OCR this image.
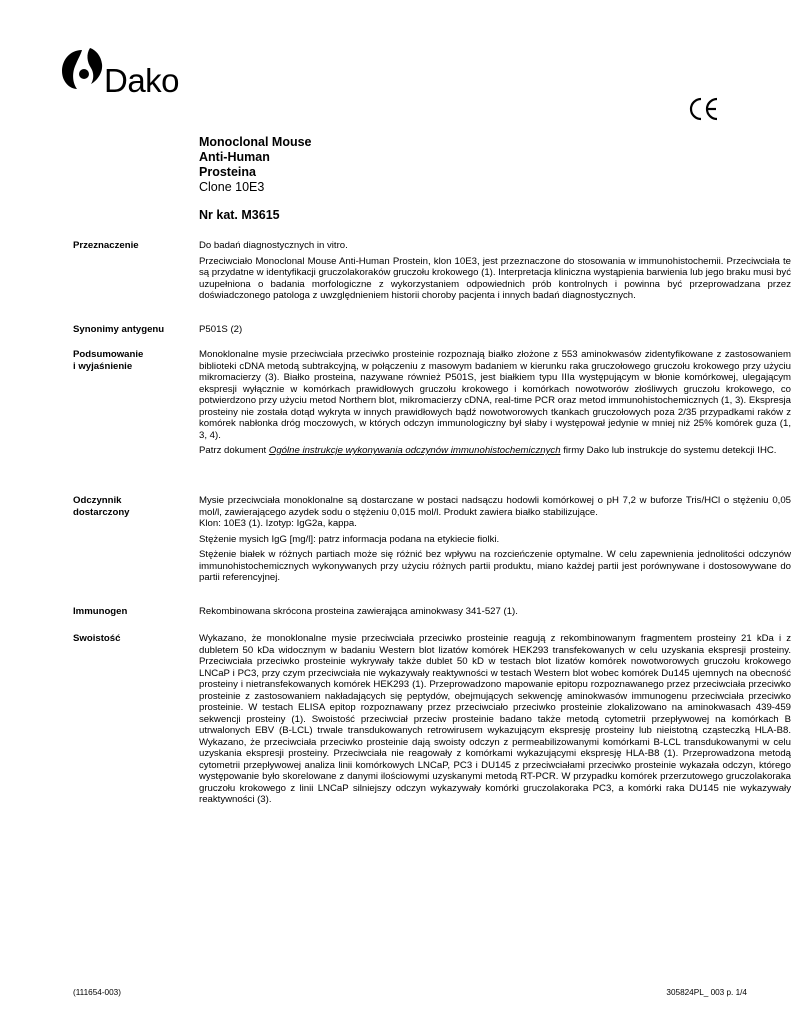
Dako
Monoclonal Mouse
Anti-Human
Prosteina
Clone 10E3
Nr kat. M3615
Przeznaczenie	Do badań diagnostycznych in vitro.

Przeciwciało Monoclonal Mouse Anti-Human Prostein, klon 10E3, jest przeznaczone do stosowania w immunohistochemii. Przeciwciała te są przydatne w identyfikacji gruczolakoraków gruczołu krokowego (1). Interpretacja kliniczna wystąpienia barwienia lub jego braku musi być uzupełniona o badania morfologiczne z wykorzystaniem odpowiednich prób kontrolnych i powinna być przeprowadzana przez doświadczonego patologa z uwzględnieniem historii choroby pacjenta i innych badań diagnostycznych.

Synonimy antygenu	P501S (2)

Podsumowanie
i wyjaśnienie

Monoklonalne mysie przeciwciała przeciwko prosteinie rozpoznają białko złożone z 553 aminokwasów zidentyfikowane z zastosowaniem biblioteki cDNA metodą subtrakcyjną, w połączeniu z masowym badaniem w kierunku raka gruczołowego gruczołu krokowego przy użyciu mikromacierzy (3). Białko prosteina, nazywane również P501S, jest białkiem typu IIIa występującym w błonie komórkowej, ulegającym ekspresji wyłącznie w komórkach prawidłowych gruczołu krokowego i komórkach nowotworów złośliwych gruczołu krokowego, co potwierdzono przy użyciu metod Northern blot, mikromacierzy cDNA, real-time PCR oraz metod immunohistochemicznych (1, 3). Ekspresja prosteiny nie została dotąd wykryta w innych prawidłowych bądź nowotworowych tkankach gruczołowych poza 2/35 przypadkami raków z komórek nabłonka dróg moczowych, w których odczyn immunologiczny był słaby i występował jedynie w mniej niż 25% komórek guza (1, 3, 4).

Patrz dokument Ogólne instrukcje wykonywania odczynów immunohistochemicznych firmy Dako lub instrukcje do systemu detekcji IHC.

Odczynnik
dostarczony

Mysie przeciwciała monoklonalne są dostarczane w postaci nadsączu hodowli komórkowej o pH 7,2 w buforze Tris/HCl o stężeniu 0,05 mol/l, zawierającego azydek sodu o stężeniu 0,015 mol/l. Produkt zawiera białko stabilizujące.

Klon: 10E3 (1). Izotyp: IgG2a, kappa.

Stężenie mysich IgG [mg/l]: patrz informacja podana na etykiecie fiolki.

Stężenie białek w różnych partiach może się różnić bez wpływu na rozcieńczenie optymalne. W celu zapewnienia jednolitości odczynów immunohistochemicznych wykonywanych przy użyciu różnych partii produktu, miano każdej partii jest porównywane i dostosowywane do partii referencyjnej.

Immunogen	Rekombinowana skrócona prosteina zawierająca aminokwasy 341-527 (1).

Swoistość	Wykazano, że monoklonalne mysie przeciwciała przeciwko prosteinie reagują z rekombinowanym fragmentem prosteiny 21 kDa i z dubletem 50 kDa widocznym w badaniu Western blot lizatów komórek HEK293 transfekowanych w celu uzyskania ekspresji prosteiny. Przeciwciała przeciwko prosteinie wykrywały także dublet 50 kD w testach blot lizatów komórek nowotworowych gruczołu krokowego LNCaP i PC3, przy czym przeciwciała nie wykazywały reaktywności w testach Western blot wobec komórek Du145 ujemnych na obecność prosteiny i nietransfekowanych komórek HEK293 (1). Przeprowadzono mapowanie epitopu rozpoznawanego przez przeciwciała przeciwko prosteinie z zastosowaniem nakładających się peptydów, obejmujących sekwencję aminokwasów immunogenu przeciwciała przeciwko prosteinie. W testach ELISA epitop rozpoznawany przez przeciwciało przeciwko prosteinie zlokalizowano na aminokwasach 439-459 sekwencji prosteiny (1). Swoistość przeciwciał przeciw prosteinie badano także metodą cytometrii przepływowej na komórkach B utrwalonych EBV (B-LCL) trwale transdukowanych retrowirusem wykazującym ekspresję prosteiny lub nieistotną cząsteczką HLA-B8. Wykazano, że przeciwciała przeciwko prosteinie dają swoisty odczyn z permeabilizowanymi komórkami B-LCL transdukowanymi w celu uzyskania ekspresji prosteiny. Przeciwciała nie reagowały z komórkami wykazującymi ekspresję HLA-B8 (1). Przeprowadzona metodą cytometrii przepływowej analiza linii komórkowych LNCaP, PC3 i DU145 z przeciwciałami przeciwko prosteinie wykazała odczyn, którego występowanie było skorelowane z danymi ilościowymi uzyskanymi metodą RT-PCR. W przypadku komórek przerzutowego gruczolakoraka gruczołu krokowego z linii LNCaP silniejszy odczyn wykazywały komórki gruczolakoraka PC3, a komórki raka DU145 nie wykazywały reaktywności (3).

(111654-003)	305824PL_ 003 p. 1/4
